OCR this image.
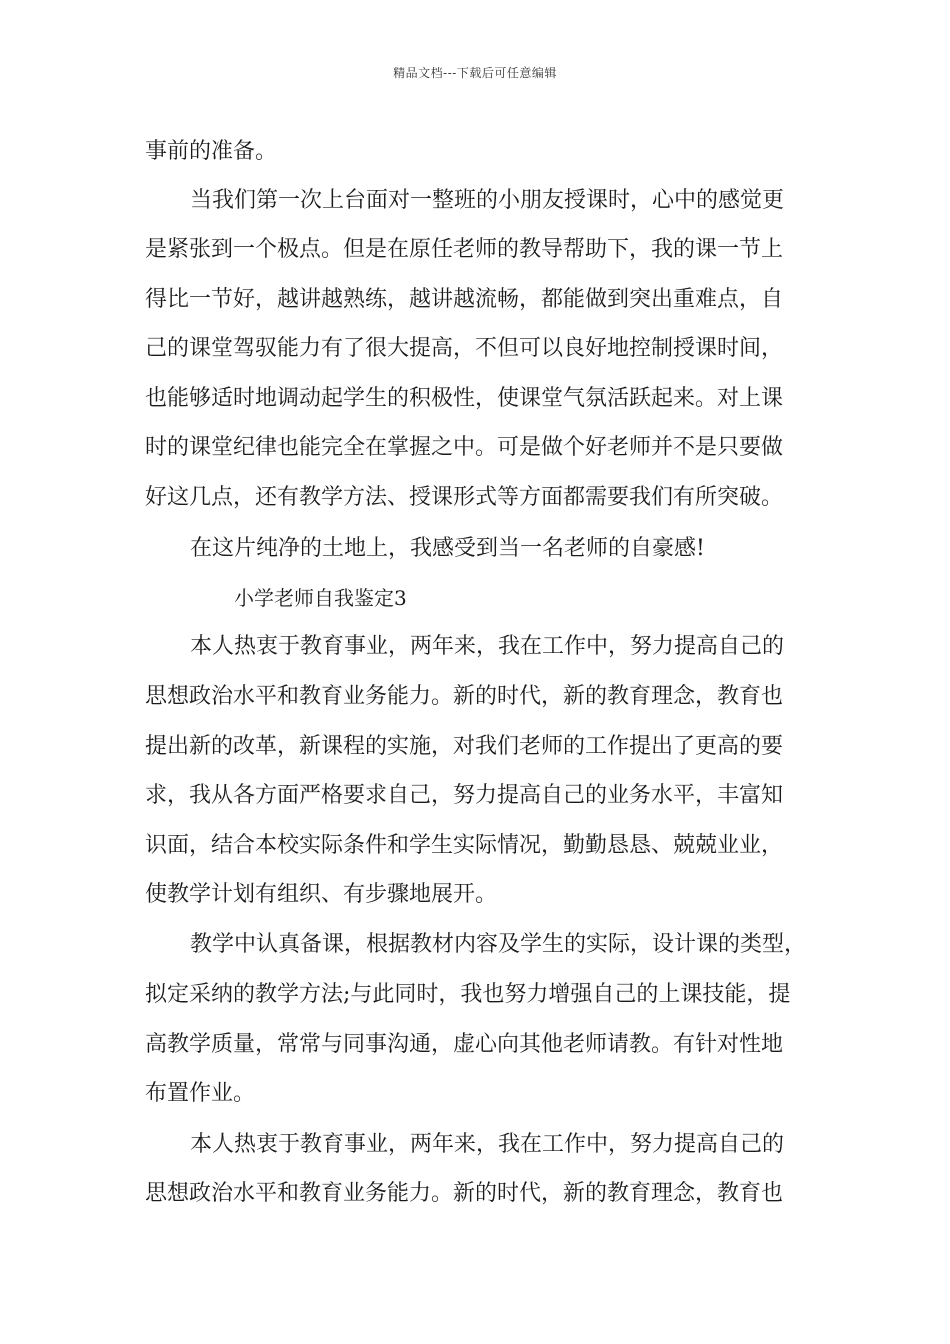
精品文档---下载后可任意编辑
事前的准备。
当我们第一次上台面对一整班的小朋友授课时，心中的感觉更
是紧张到一个极点。但是在原任老师的教导帮助下，我的课一节上
得比一节好，越讲越熟练，越讲越流畅，都能做到突出重难点，自
己的课堂驾驭能力有了很大提高，不但可以良好地控制授课时间，
也能够适时地调动起学生的积极性，使课堂气氛活跃起来。对上课
时的课堂纪律也能完全在掌握之中。可是做个好老师并不是只要做
好这几点，还有教学方法、授课形式等方面都需要我们有所突破。
在这片纯净的土地上，我感受到当一名老师的自豪感!
小学老师自我鉴定3
本人热衷于教育事业，两年来，我在工作中，努力提高自己的
思想政治水平和教育业务能力。新的时代，新的教育理念，教育也
提出新的改革，新课程的实施，对我们老师的工作提出了更高的要
求，我从各方面严格要求自己，努力提高自己的业务水平，丰富知
识面，结合本校实际条件和学生实际情况，勤勤恳恳、兢兢业业，
使教学计划有组织、有步骤地展开。
教学中认真备课，根据教材内容及学生的实际，设计课的类型，
拟定采纳的教学方法;与此同时，我也努力增强自己的上课技能，提
高教学质量，常常与同事沟通，虚心向其他老师请教。有针对性地
布置作业。
本人热衷于教育事业，两年来，我在工作中，努力提高自己的
思想政治水平和教育业务能力。新的时代，新的教育理念，教育也
